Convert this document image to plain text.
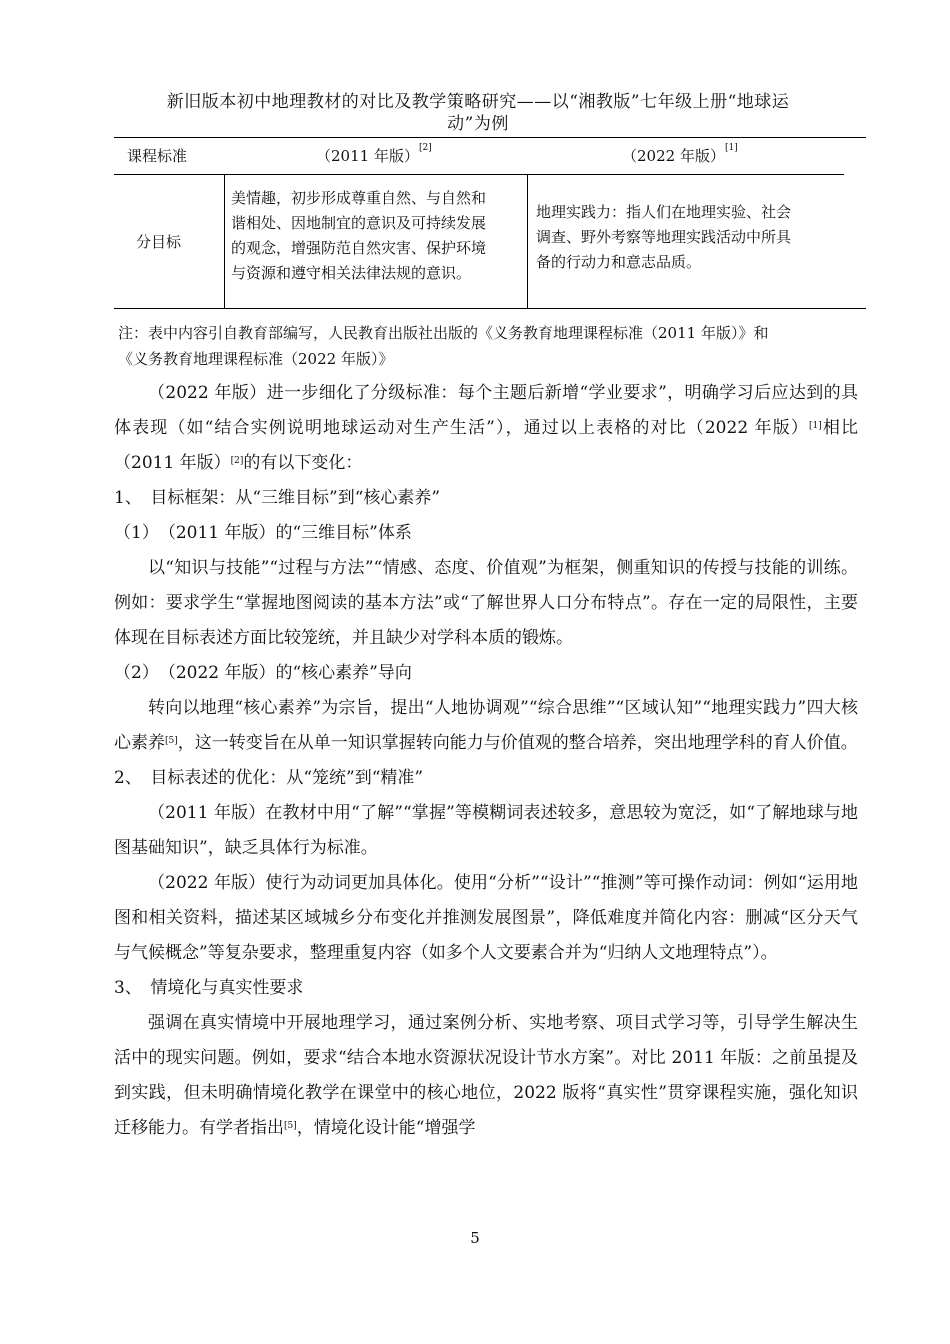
新旧版本初中地理教材的对比及教学策略研究——以“湘教版”七年级上册“地球运
动”为例
课程标准	（2011 年版）[2]	（2022 年版）[1]
分目标
美情趣，初步形成尊重自然、与自然和
谐相处、因地制宜的意识及可持续发展
的观念，增强防范自然灾害、保护环境
与资源和遵守相关法律法规的意识。
地理实践力：指人们在地理实验、社会
调查、野外考察等地理实践活动中所具
备的行动力和意志品质。
注：表中内容引自教育部编写，人民教育出版社出版的《义务教育地理课程标准（2011 年版）》和
《义务教育地理课程标准（2022 年版）》

（2022 年版）进一步细化了分级标准：每个主题后新增“学业要求”，明确学习后应达到的具体表现（如“结合实例说明地球运动对生产生活”），通过以上表格的对比（2022 年版）[1]相比（2011 年版）[2]的有以下变化：

1、　目标框架：从“三维目标”到“核心素养”

（1）　（2011 年版）的“三维目标”体系

以“知识与技能”“过程与方法”“情感、态度、价值观”为框架，侧重知识的传授与技能的训练。例如：要求学生“掌握地图阅读的基本方法”或“了解世界人口分布特点”。存在一定的局限性，主要体现在目标表述方面比较笼统，并且缺少对学科本质的锻炼。

（2）　（2022 年版）的“核心素养”导向

转向以地理“核心素养”为宗旨，提出“人地协调观”“综合思维”“区域认知”“地理实践力”四大核心素养[5]，这一转变旨在从单一知识掌握转向能力与价值观的整合培养，突出地理学科的育人价值。

2、　目标表述的优化：从“笼统”到“精准”

（2011 年版）在教材中用“了解”“掌握”等模糊词表述较多，意思较为宽泛，如“了解地球与地图基础知识”，缺乏具体行为标准。

（2022 年版）使行为动词更加具体化。使用“分析”“设计”“推测”等可操作动词：例如“运用地图和相关资料，描述某区域城乡分布变化并推测发展图景”，降低难度并简化内容：删减“区分天气与气候概念”等复杂要求，整理重复内容（如多个人文要素合并为“归纳人文地理特点”）。

3、　情境化与真实性要求

强调在真实情境中开展地理学习，通过案例分析、实地考察、项目式学习等，引导学生解决生活中的现实问题。例如，要求“结合本地水资源状况设计节水方案”。对比 2011 年版：之前虽提及到实践，但未明确情境化教学在课堂中的核心地位，2022 版将“真实性”贯穿课程实施，强化知识迁移能力。有学者指出[5]，情境化设计能“增强学

5
